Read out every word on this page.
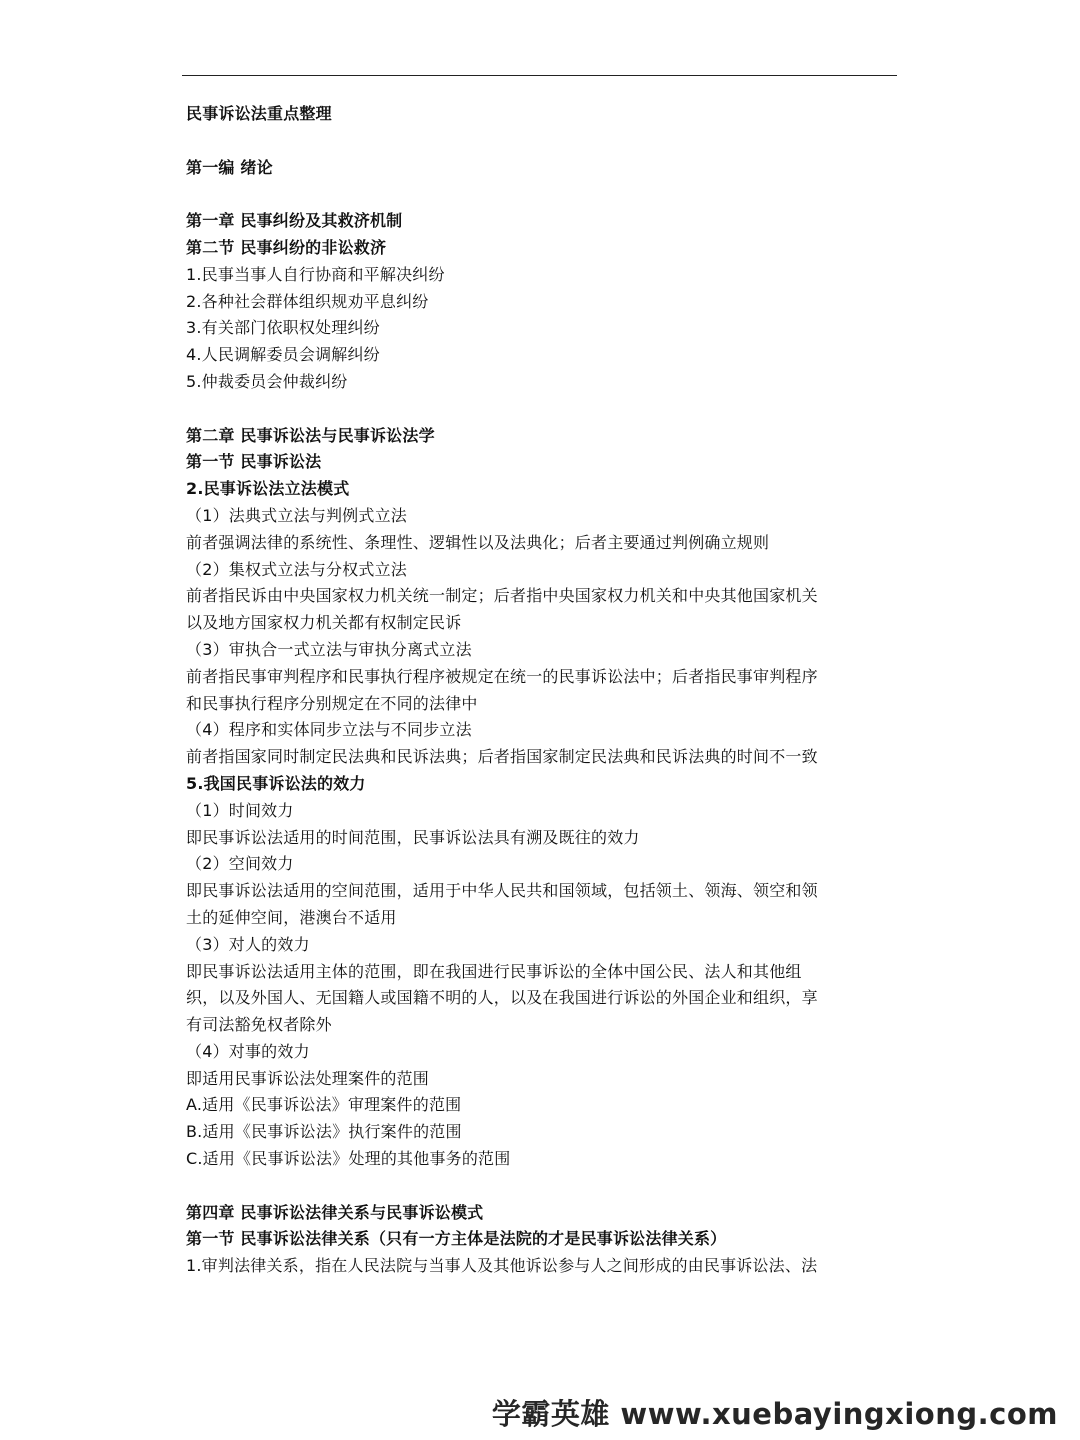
民事诉讼法重点整理
第一编 绪论
第一章 民事纠纷及其救济机制
第二节 民事纠纷的非讼救济
1.民事当事人自行协商和平解决纠纷
2.各种社会群体组织规劝平息纠纷
3.有关部门依职权处理纠纷
4.人民调解委员会调解纠纷
5.仲裁委员会仲裁纠纷
第二章 民事诉讼法与民事诉讼法学
第一节 民事诉讼法
2.民事诉讼法立法模式
（1）法典式立法与判例式立法
前者强调法律的系统性、条理性、逻辑性以及法典化；后者主要通过判例确立规则
（2）集权式立法与分权式立法
前者指民诉由中央国家权力机关统一制定；后者指中央国家权力机关和中央其他国家机关
以及地方国家权力机关都有权制定民诉
（3）审执合一式立法与审执分离式立法
前者指民事审判程序和民事执行程序被规定在统一的民事诉讼法中；后者指民事审判程序
和民事执行程序分别规定在不同的法律中
（4）程序和实体同步立法与不同步立法
前者指国家同时制定民法典和民诉法典；后者指国家制定民法典和民诉法典的时间不一致
5.我国民事诉讼法的效力
（1）时间效力
即民事诉讼法适用的时间范围，民事诉讼法具有溯及既往的效力
（2）空间效力
即民事诉讼法适用的空间范围，适用于中华人民共和国领域，包括领土、领海、领空和领
土的延伸空间，港澳台不适用
（3）对人的效力
即民事诉讼法适用主体的范围，即在我国进行民事诉讼的全体中国公民、法人和其他组
织，以及外国人、无国籍人或国籍不明的人，以及在我国进行诉讼的外国企业和组织，享
有司法豁免权者除外
（4）对事的效力
即适用民事诉讼法处理案件的范围
A.适用《民事诉讼法》审理案件的范围
B.适用《民事诉讼法》执行案件的范围
C.适用《民事诉讼法》处理的其他事务的范围
第四章 民事诉讼法律关系与民事诉讼模式
第一节 民事诉讼法律关系（只有一方主体是法院的才是民事诉讼法律关系）
1.审判法律关系，指在人民法院与当事人及其他诉讼参与人之间形成的由民事诉讼法、法
学霸英雄 www.xuebayingxiong.com
